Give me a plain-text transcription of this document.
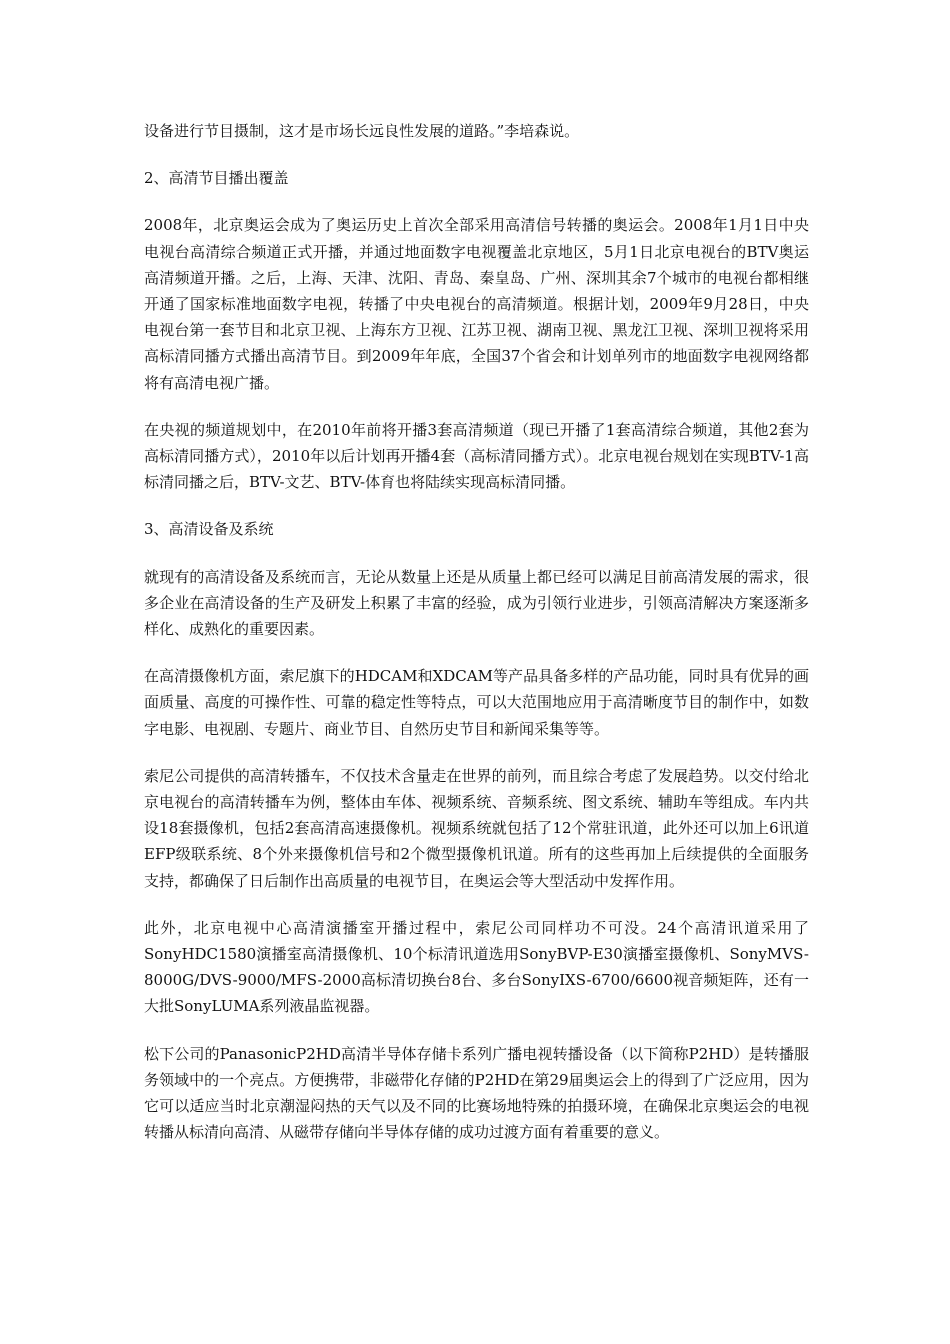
设备进行节目摄制，这才是市场长远良性发展的道路。”李培森说。

2、高清节目播出覆盖

2008年，北京奥运会成为了奥运历史上首次全部采用高清信号转播的奥运会。2008年1月1日中央电视台高清综合频道正式开播，并通过地面数字电视覆盖北京地区，5月1日北京电视台的BTV奥运高清频道开播。之后，上海、天津、沈阳、青岛、秦皇岛、广州、深圳其余7个城市的电视台都相继开通了国家标准地面数字电视，转播了中央电视台的高清频道。根据计划，2009年9月28日，中央电视台第一套节目和北京卫视、上海东方卫视、江苏卫视、湖南卫视、黑龙江卫视、深圳卫视将采用高标清同播方式播出高清节目。到2009年年底，全国37个省会和计划单列市的地面数字电视网络都将有高清电视广播。

在央视的频道规划中，在2010年前将开播3套高清频道（现已开播了1套高清综合频道，其他2套为高标清同播方式），2010年以后计划再开播4套（高标清同播方式）。北京电视台规划在实现BTV-1高标清同播之后，BTV-文艺、BTV-体育也将陆续实现高标清同播。

3、高清设备及系统

就现有的高清设备及系统而言，无论从数量上还是从质量上都已经可以满足目前高清发展的需求，很多企业在高清设备的生产及研发上积累了丰富的经验，成为引领行业进步，引领高清解决方案逐渐多样化、成熟化的重要因素。

在高清摄像机方面，索尼旗下的HDCAM和XDCAM等产品具备多样的产品功能，同时具有优异的画面质量、高度的可操作性、可靠的稳定性等特点，可以大范围地应用于高清晰度节目的制作中，如数字电影、电视剧、专题片、商业节目、自然历史节目和新闻采集等等。

索尼公司提供的高清转播车，不仅技术含量走在世界的前列，而且综合考虑了发展趋势。以交付给北京电视台的高清转播车为例，整体由车体、视频系统、音频系统、图文系统、辅助车等组成。车内共设18套摄像机，包括2套高清高速摄像机。视频系统就包括了12个常驻讯道，此外还可以加上6讯道EFP级联系统、8个外来摄像机信号和2个微型摄像机讯道。所有的这些再加上后续提供的全面服务支持，都确保了日后制作出高质量的电视节目，在奥运会等大型活动中发挥作用。

此外，北京电视中心高清演播室开播过程中，索尼公司同样功不可没。24个高清讯道采用了SonyHDC1580演播室高清摄像机、10个标清讯道选用SonyBVP-E30演播室摄像机、SonyMVS-8000G/DVS-9000/MFS-2000高标清切换台8台、多台SonyIXS-6700/6600视音频矩阵，还有一大批SonyLUMA系列液晶监视器。

松下公司的PanasonicP2HD高清半导体存储卡系列广播电视转播设备（以下简称P2HD）是转播服务领域中的一个亮点。方便携带，非磁带化存储的P2HD在第29届奥运会上的得到了广泛应用，因为它可以适应当时北京潮湿闷热的天气以及不同的比赛场地特殊的拍摄环境，在确保北京奥运会的电视转播从标清向高清、从磁带存储向半导体存储的成功过渡方面有着重要的意义。
